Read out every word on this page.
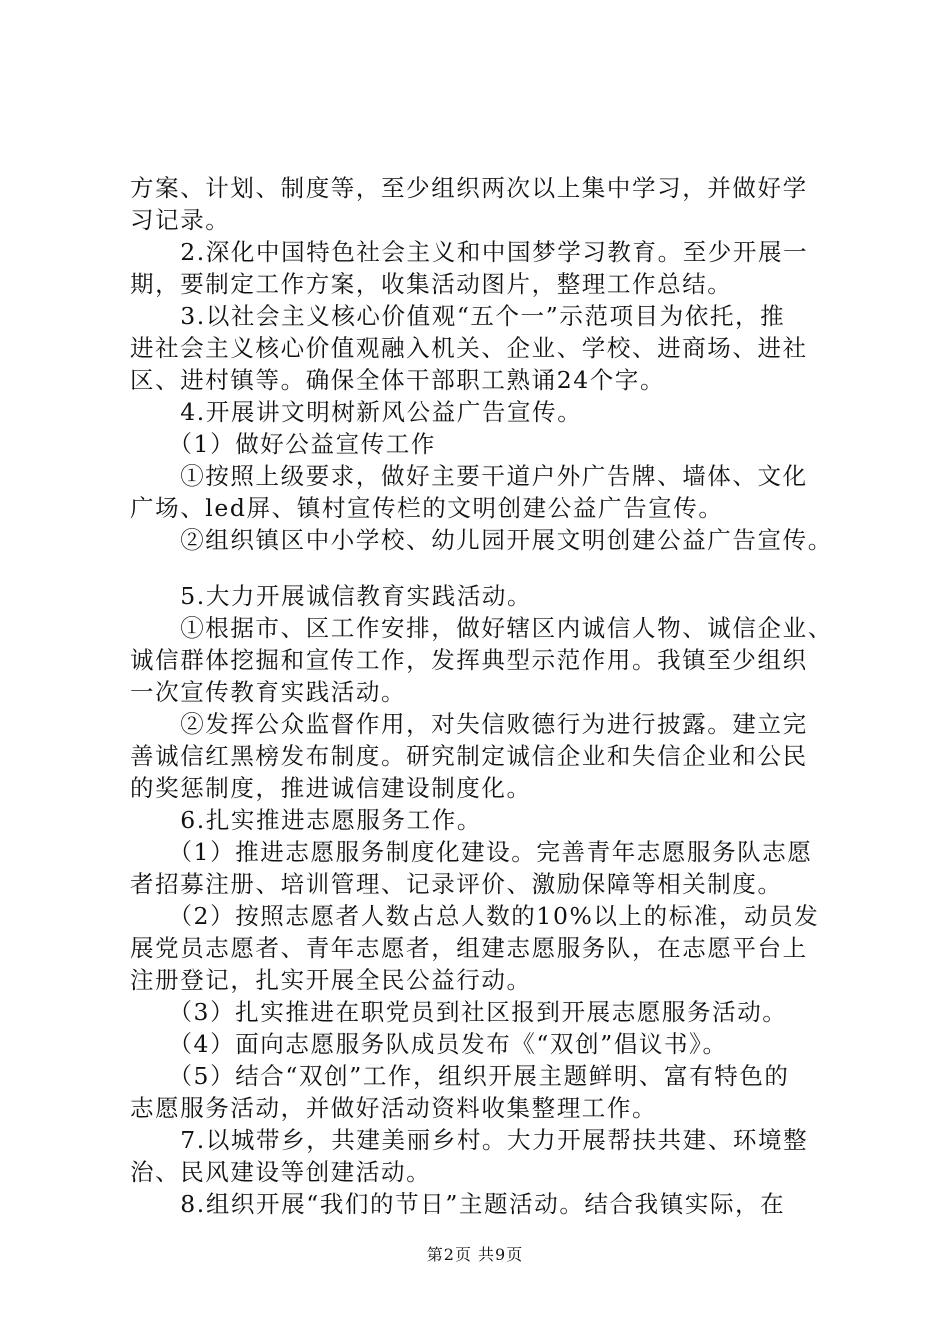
方案、计划、制度等，至少组织两次以上集中学习，并做好学

习记录。

　　2.深化中国特色社会主义和中国梦学习教育。至少开展一

期，要制定工作方案，收集活动图片，整理工作总结。

　　3.以社会主义核心价值观“五个一”示范项目为依托，推

进社会主义核心价值观融入机关、企业、学校、进商场、进社

区、进村镇等。确保全体干部职工熟诵24个字。

　　4.开展讲文明树新风公益广告宣传。

　　（1）做好公益宣传工作

　　①按照上级要求，做好主要干道户外广告牌、墙体、文化

广场、led屏、镇村宣传栏的文明创建公益广告宣传。

　　②组织镇区中小学校、幼儿园开展文明创建公益广告宣传。

　　5.大力开展诚信教育实践活动。

　　①根据市、区工作安排，做好辖区内诚信人物、诚信企业、

诚信群体挖掘和宣传工作，发挥典型示范作用。我镇至少组织

一次宣传教育实践活动。

　　②发挥公众监督作用，对失信败德行为进行披露。建立完

善诚信红黑榜发布制度。研究制定诚信企业和失信企业和公民

的奖惩制度，推进诚信建设制度化。

　　6.扎实推进志愿服务工作。

　　（1）推进志愿服务制度化建设。完善青年志愿服务队志愿

者招募注册、培训管理、记录评价、激励保障等相关制度。

　　（2）按照志愿者人数占总人数的10%以上的标准，动员发

展党员志愿者、青年志愿者，组建志愿服务队，在志愿平台上

注册登记，扎实开展全民公益行动。

　　（3）扎实推进在职党员到社区报到开展志愿服务活动。

　　（4）面向志愿服务队成员发布《“双创”倡议书》。

　　（5）结合“双创”工作，组织开展主题鲜明、富有特色的

志愿服务活动，并做好活动资料收集整理工作。

　　7.以城带乡，共建美丽乡村。大力开展帮扶共建、环境整

治、民风建设等创建活动。

　　8.组织开展“我们的节日”主题活动。结合我镇实际，在

第2页 共9页
